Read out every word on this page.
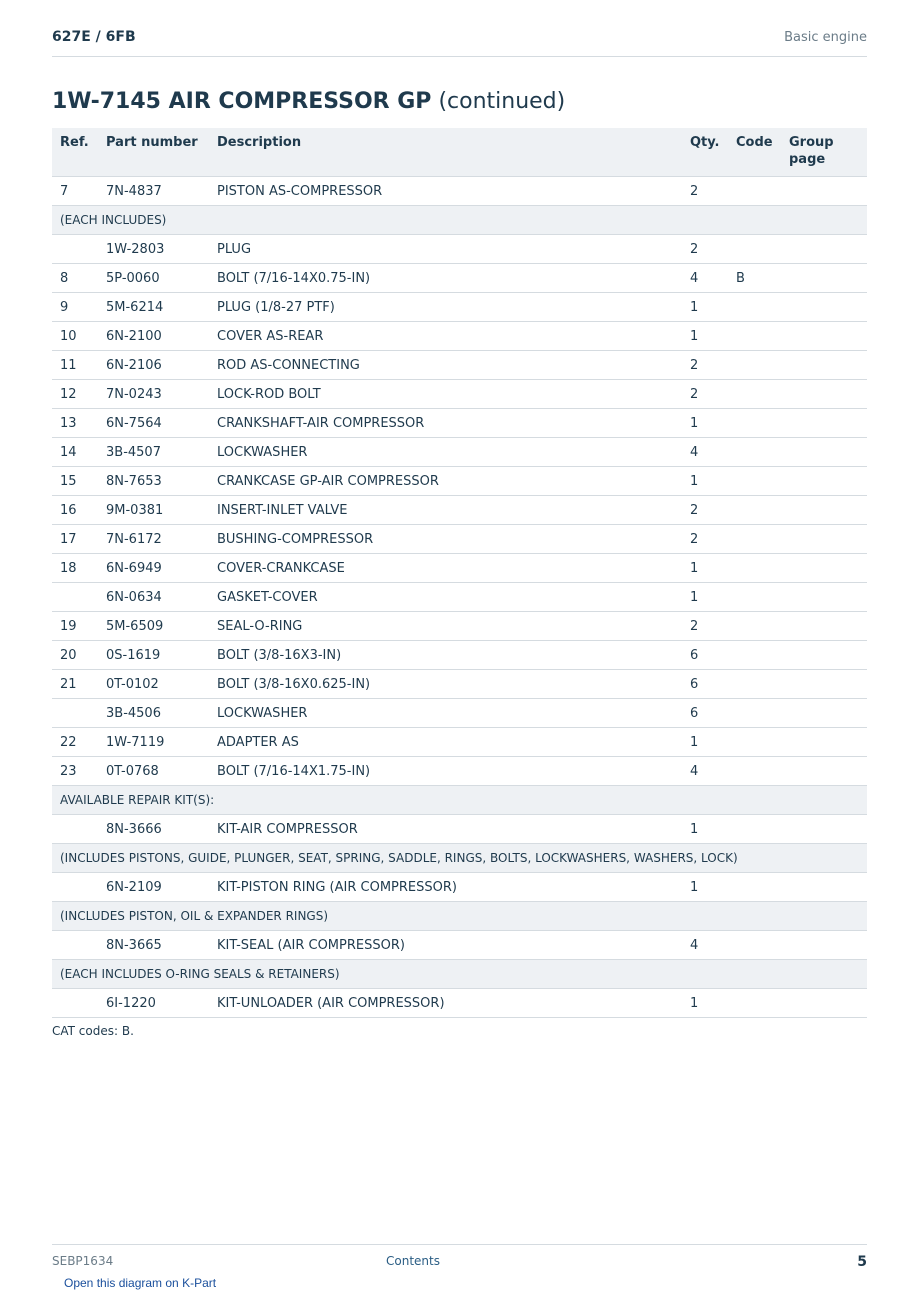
627E / 6FB	Basic engine
1W-7145 AIR COMPRESSOR GP (continued)
Ref.	Part number	Description	Qty.	Code	Group page
7	7N-4837	PISTON AS-COMPRESSOR	2		
(EACH INCLUDES)					
	1W-2803	PLUG	2		
8	5P-0060	BOLT (7/16-14X0.75-IN)	4	B	
9	5M-6214	PLUG (1/8-27 PTF)	1		
10	6N-2100	COVER AS-REAR	1		
11	6N-2106	ROD AS-CONNECTING	2		
12	7N-0243	LOCK-ROD BOLT	2		
13	6N-7564	CRANKSHAFT-AIR COMPRESSOR	1		
14	3B-4507	LOCKWASHER	4		
15	8N-7653	CRANKCASE GP-AIR COMPRESSOR	1		
16	9M-0381	INSERT-INLET VALVE	2		
17	7N-6172	BUSHING-COMPRESSOR	2		
18	6N-6949	COVER-CRANKCASE	1		
	6N-0634	GASKET-COVER	1		
19	5M-6509	SEAL-O-RING	2		
20	0S-1619	BOLT (3/8-16X3-IN)	6		
21	0T-0102	BOLT (3/8-16X0.625-IN)	6		
	3B-4506	LOCKWASHER	6		
22	1W-7119	ADAPTER AS	1		
23	0T-0768	BOLT (7/16-14X1.75-IN)	4		
AVAILABLE REPAIR KIT(S):					
	8N-3666	KIT-AIR COMPRESSOR	1		
(INCLUDES PISTONS, GUIDE, PLUNGER, SEAT, SPRING, SADDLE, RINGS, BOLTS, LOCKWASHERS, WASHERS, LOCK)					
	6N-2109	KIT-PISTON RING (AIR COMPRESSOR)	1		
(INCLUDES PISTON, OIL & EXPANDER RINGS)					
	8N-3665	KIT-SEAL (AIR COMPRESSOR)	4		
(EACH INCLUDES O-RING SEALS & RETAINERS)					
	6I-1220	KIT-UNLOADER (AIR COMPRESSOR)	1		
CAT codes: B.
SEBP1634	Contents	5
Open this diagram on K-Part
